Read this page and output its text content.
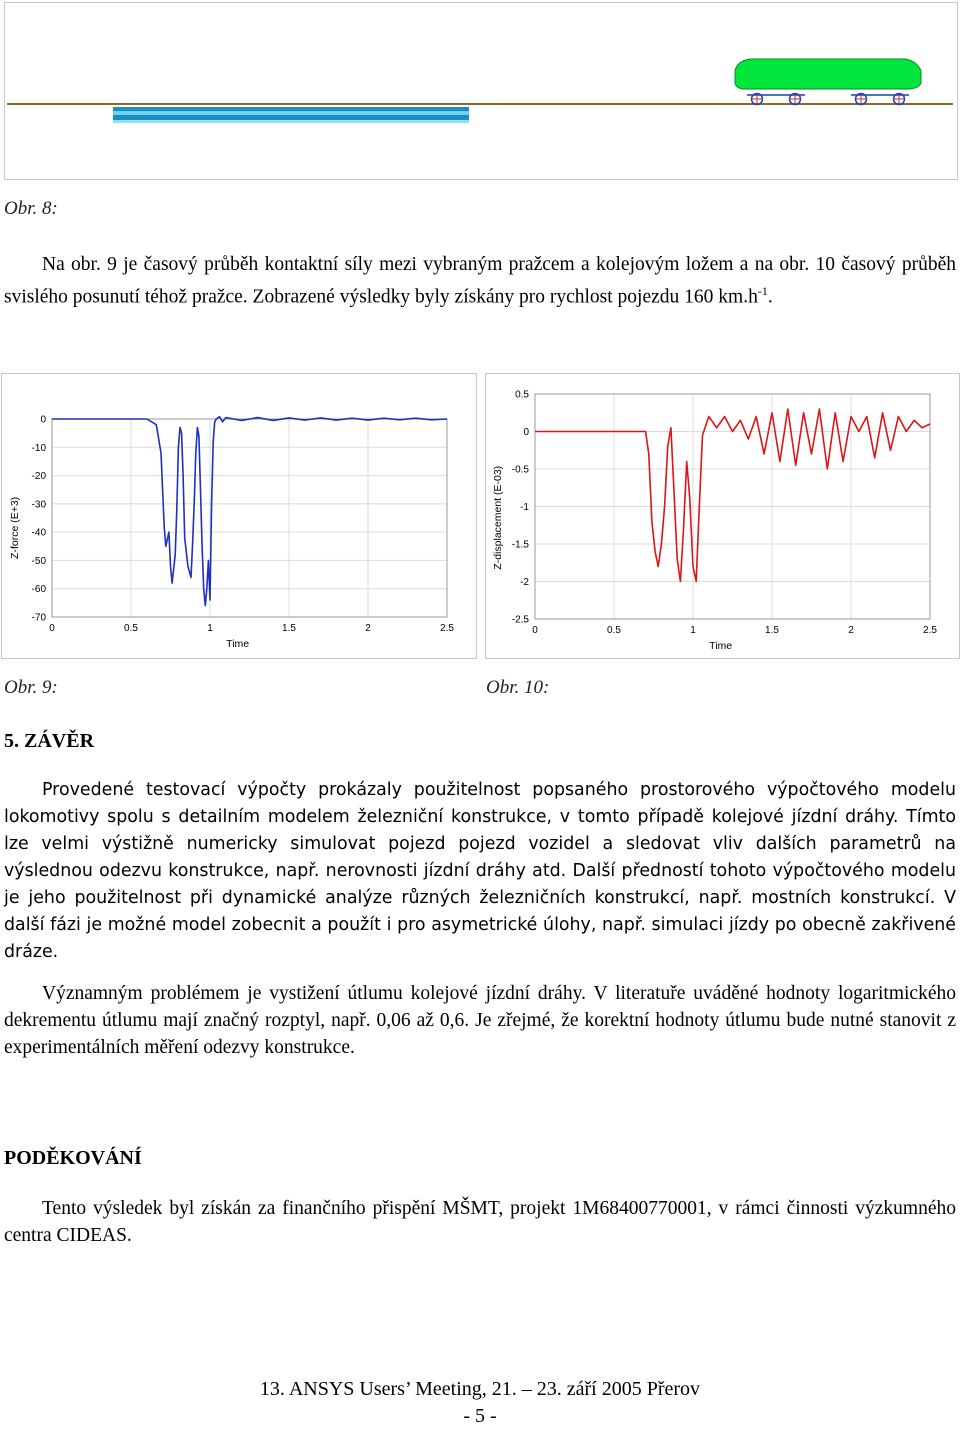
Obr. 8:
Na obr. 9 je časový průběh kontaktní síly mezi vybraným pražcem a kolejovým ložem a na obr. 10 časový průběh svislého posunutí téhož pražce. Zobrazené výsledky byly získány pro rychlost pojezdu 160 $km.h^{-1}$.
0	0.5	1	1.5	2	2.5
0
-10
-20
-30
-40
-50
-60
-70
Time
Z-force (E+3)
Obr. 9:
0	0.5	1	1.5	2	2.5
0.5
0
-0.5
-1
-1.5
-2
-2.5
Time
Z-displacement (E-03)
Obr. 10:
5. ZÁVĚR
Provedené testovací výpočty prokázaly použitelnost popsaného prostorového výpočtového modelu lokomotivy spolu s detailním modelem železniční konstrukce, v tomto případě kolejové jízdní dráhy. Tímto lze velmi výstižně numericky simulovat pojezd pojezd vozidel a sledovat vliv dalších parametrů na výslednou odezvu konstrukce, např. nerovnosti jízdní dráhy atd. Další předností tohoto výpočtového modelu je jeho použitelnost při dynamické analýze různých železničních konstrukcí, např. mostních konstrukcí. V další fázi je možné model zobecnit a použít i pro asymetrické úlohy, např. simulaci jízdy po obecně zakřivené dráze.
Významným problémem je vystižení útlumu kolejové jízdní dráhy. V literatuře uváděné hodnoty logaritmického dekrementu útlumu mají značný rozptyl, např. 0,06 až 0,6. Je zřejmé, že korektní hodnoty útlumu bude nutné stanovit z experimentálních měření odezvy konstrukce.
PODĚKOVÁNÍ
Tento výsledek byl získán za finančního přispění MŠMT, projekt 1M68400770001, v rámci činnosti výzkumného centra CIDEAS.
13. ANSYS Users’ Meeting, 21. – 23. září 2005 Přerov
- 5 -
